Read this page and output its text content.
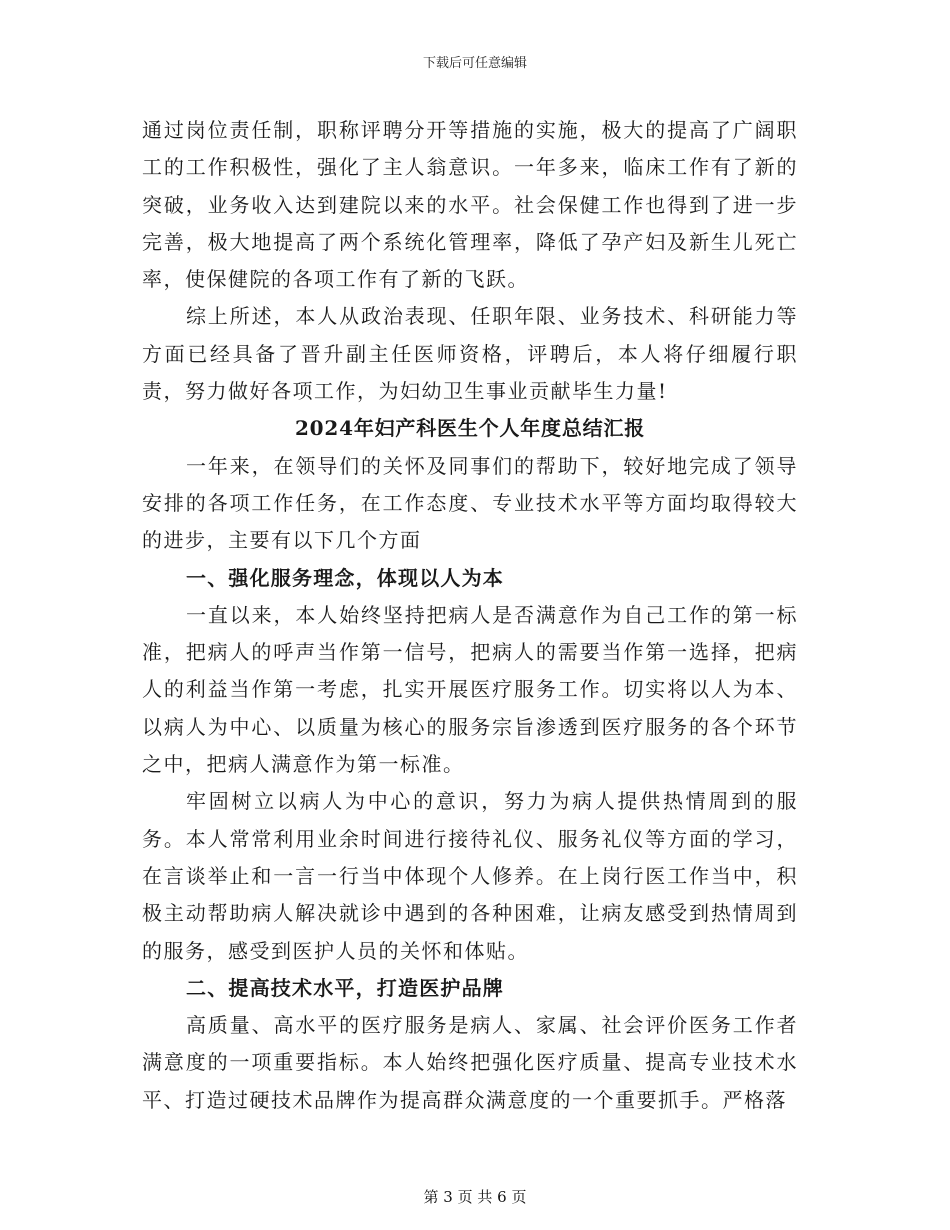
下载后可任意编辑

通过岗位责任制，职称评聘分开等措施的实施，极大的提高了广阔职工的工作积极性，强化了主人翁意识。一年多来，临床工作有了新的突破，业务收入达到建院以来的水平。社会保健工作也得到了进一步完善，极大地提高了两个系统化管理率，降低了孕产妇及新生儿死亡率，使保健院的各项工作有了新的飞跃。

综上所述，本人从政治表现、任职年限、业务技术、科研能力等方面已经具备了晋升副主任医师资格，评聘后，本人将仔细履行职责，努力做好各项工作，为妇幼卫生事业贡献毕生力量!

2024年妇产科医生个人年度总结汇报

一年来，在领导们的关怀及同事们的帮助下，较好地完成了领导安排的各项工作任务，在工作态度、专业技术水平等方面均取得较大的进步，主要有以下几个方面

一、强化服务理念，体现以人为本

一直以来，本人始终坚持把病人是否满意作为自己工作的第一标准，把病人的呼声当作第一信号，把病人的需要当作第一选择，把病人的利益当作第一考虑，扎实开展医疗服务工作。切实将以人为本、以病人为中心、以质量为核心的服务宗旨渗透到医疗服务的各个环节之中，把病人满意作为第一标准。

牢固树立以病人为中心的意识，努力为病人提供热情周到的服务。本人常常利用业余时间进行接待礼仪、服务礼仪等方面的学习，在言谈举止和一言一行当中体现个人修养。在上岗行医工作当中，积极主动帮助病人解决就诊中遇到的各种困难，让病友感受到热情周到的服务，感受到医护人员的关怀和体贴。

二、提高技术水平，打造医护品牌

高质量、高水平的医疗服务是病人、家属、社会评价医务工作者满意度的一项重要指标。本人始终把强化医疗质量、提高专业技术水平、打造过硬技术品牌作为提高群众满意度的一个重要抓手。严格落

第 3 页 共 6 页
